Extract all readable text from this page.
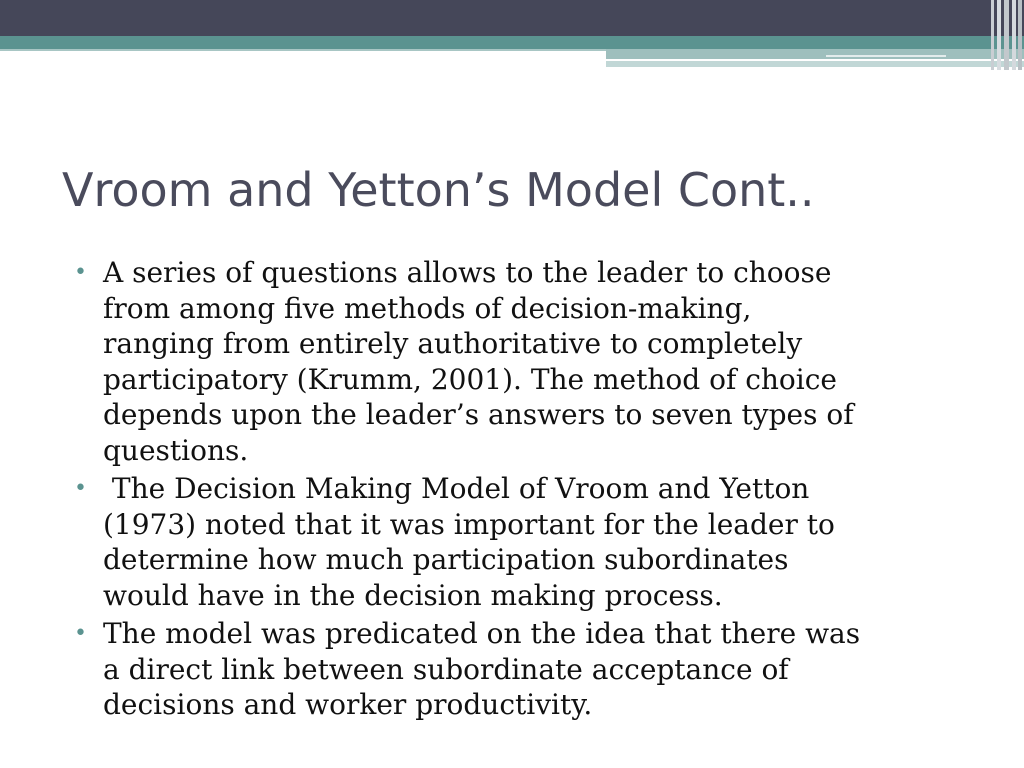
Vroom and Yetton’s Model Cont..
• A series of questions allows to the leader to choose
from among five methods of decision-making,
ranging from entirely authoritative to completely
participatory (Krumm, 2001). The method of choice
depends upon the leader’s answers to seven types of
questions.
• The Decision Making Model of Vroom and Yetton
(1973) noted that it was important for the leader to
determine how much participation subordinates
would have in the decision making process.
• The model was predicated on the idea that there was
a direct link between subordinate acceptance of
decisions and worker productivity.
